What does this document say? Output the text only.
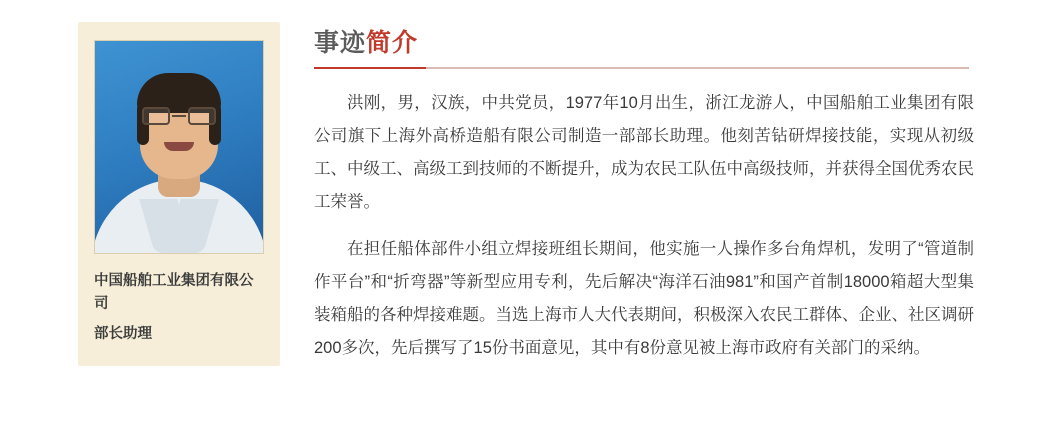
中国船舶工业集团有限公司
部长助理
事迹 简介

洪刚，男，汉族，中共党员，1977年10月出生，浙江龙游人，中国船舶工业集团有限公司旗下上海外高桥造船有限公司制造一部部长助理。他刻苦钻研焊接技能，实现从初级工、中级工、高级工到技师的不断提升，成为农民工队伍中高级技师，并获得全国优秀农民工荣誉。

在担任船体部件小组立焊接班组长期间，他实施一人操作多台角焊机，发明了“管道制作平台”和“折弯器”等新型应用专利，先后解决“海洋石油981”和国产首制18000箱超大型集装箱船的各种焊接难题。当选上海市人大代表期间，积极深入农民工群体、企业、社区调研200多次，先后撰写了15份书面意见，其中有8份意见被上海市政府有关部门的采纳。
